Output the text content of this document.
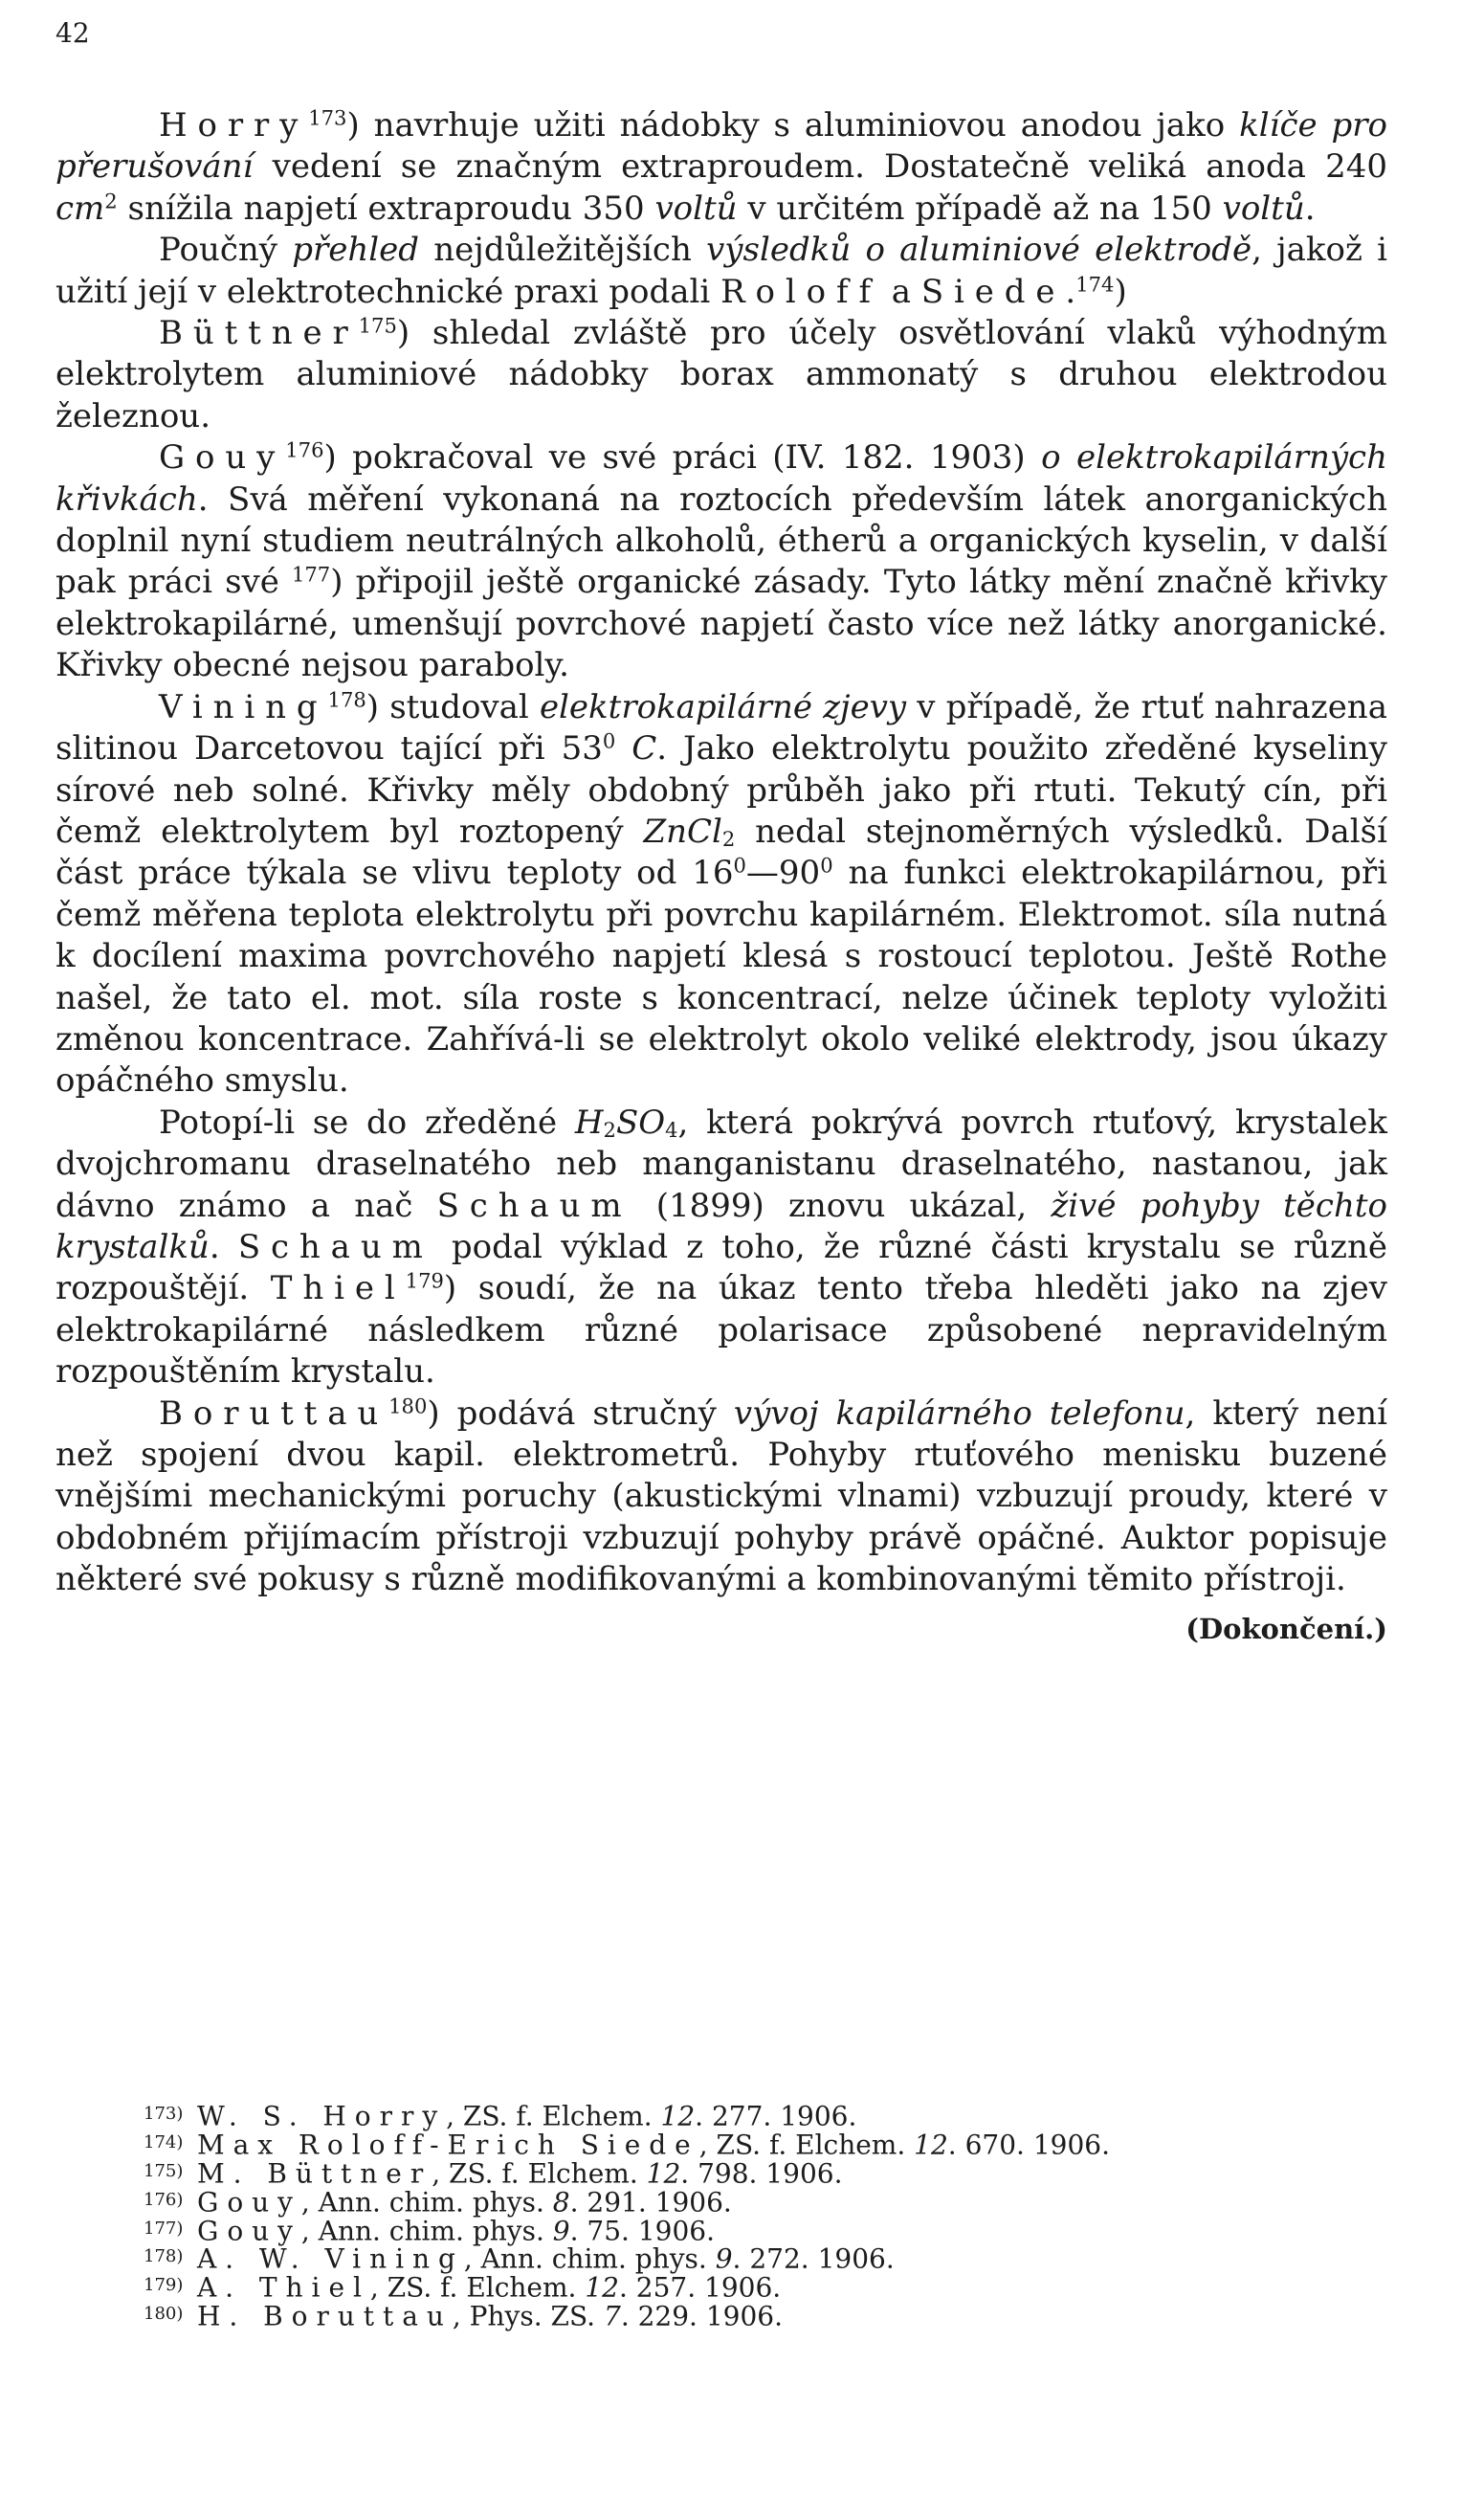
42

Horry$^{173}$) navrhuje užiti nádobky s aluminiovou anodou jako klíče pro přerušování vedení se značným extraproudem. Dostatečně veliká anoda 240 $cm^2$ snížila napjetí extraproudu 350 voltů v určitém případě až na 150 voltů.

Poučný přehled nejdůležitějších výsledků o aluminiové elektrodě, jakož i užití její v elektrotechnické praxi podali Roloff a Siede.$^{174}$)

Büttner$^{175}$) shledal zvláště pro účely osvětlování vlaků výhodným elektrolytem aluminiové nádobky borax ammonatý s druhou elektrodou železnou.

Gouy$^{176}$) pokračoval ve své práci (IV. 182. 1903) o elektrokapilárných křivkách. Svá měření vykonaná na roztocích především látek anorganických doplnil nyní studiem neutrálných alkoholů, étherů a organických kyselin, v další pak práci své $^{177}$) připojil ještě organické zásady. Tyto látky mění značně křivky elektrokapilárné, umenšují povrchové napjetí často více než látky anorganické. Křivky obecné nejsou paraboly.

Vining$^{178}$) studoval elektrokapilárné zjevy v případě, že rtuť nahrazena slitinou Darcetovou tající při $53^0$ C. Jako elektrolytu použito zředěné kyseliny sírové neb solné. Křivky měly obdobný průběh jako při rtuti. Tekutý cín, při čemž elektrolytem byl roztopený ZnCl$_2$ nedal stejnoměrných výsledků. Další část práce týkala se vlivu teploty od $16^0—90^0$ na funkci elektrokapilárnou, při čemž měřena teplota elektrolytu při povrchu kapilárném. Elektromot. síla nutná k docílení maxima povrchového napjetí klesá s rostoucí teplotou. Ještě Rothe našel, že tato el. mot. síla roste s koncentrací, nelze účinek teploty vyložiti změnou koncentrace. Zahřívá-li se elektrolyt okolo veliké elektrody, jsou úkazy opáčného smyslu.

Potopí-li se do zředěné $H_2SO_4$, která pokrývá povrch rtuťový, krystalek dvojchromanu draselnatého neb manganistanu draselnatého, nastanou, jak dávno známo a nač Schaum (1899) znovu ukázal, živé pohyby těchto krystalků. Schaum podal výklad z toho, že různé části krystalu se různě rozpouštějí. Thiel$^{179}$) soudí, že na úkaz tento třeba hleděti jako na zjev elektrokapilárné následkem různé polarisace způsobené nepravidelným rozpouštěním krystalu.

Boruttau$^{180}$) podává stručný vývoj kapilárného telefonu, který není než spojení dvou kapil. elektrometrů. Pohyby rtuťového menisku buzené vnějšími mechanickými poruchy (akustickými vlnami) vzbuzují proudy, které v obdobném přijímacím přístroji vzbuzují pohyby právě opáčné. Auktor popisuje některé své pokusy s různě modifikovanými a kombinovanými těmito přístroji.
(Dokončení.)

173) W. S. Horry, ZS. f. Elchem. 12. 277. 1906.
174) Max Roloff-Erich Siede, ZS. f. Elchem. 12. 670. 1906.
175) M. Büttner, ZS. f. Elchem. 12. 798. 1906.
176) Gouy, Ann. chim. phys. 8. 291. 1906.
177) Gouy, Ann. chim. phys. 9. 75. 1906.
178) A. W. Vining, Ann. chim. phys. 9. 272. 1906.
179) A. Thiel, ZS. f. Elchem. 12. 257. 1906.
180) H. Boruttau, Phys. ZS. 7. 229. 1906.
